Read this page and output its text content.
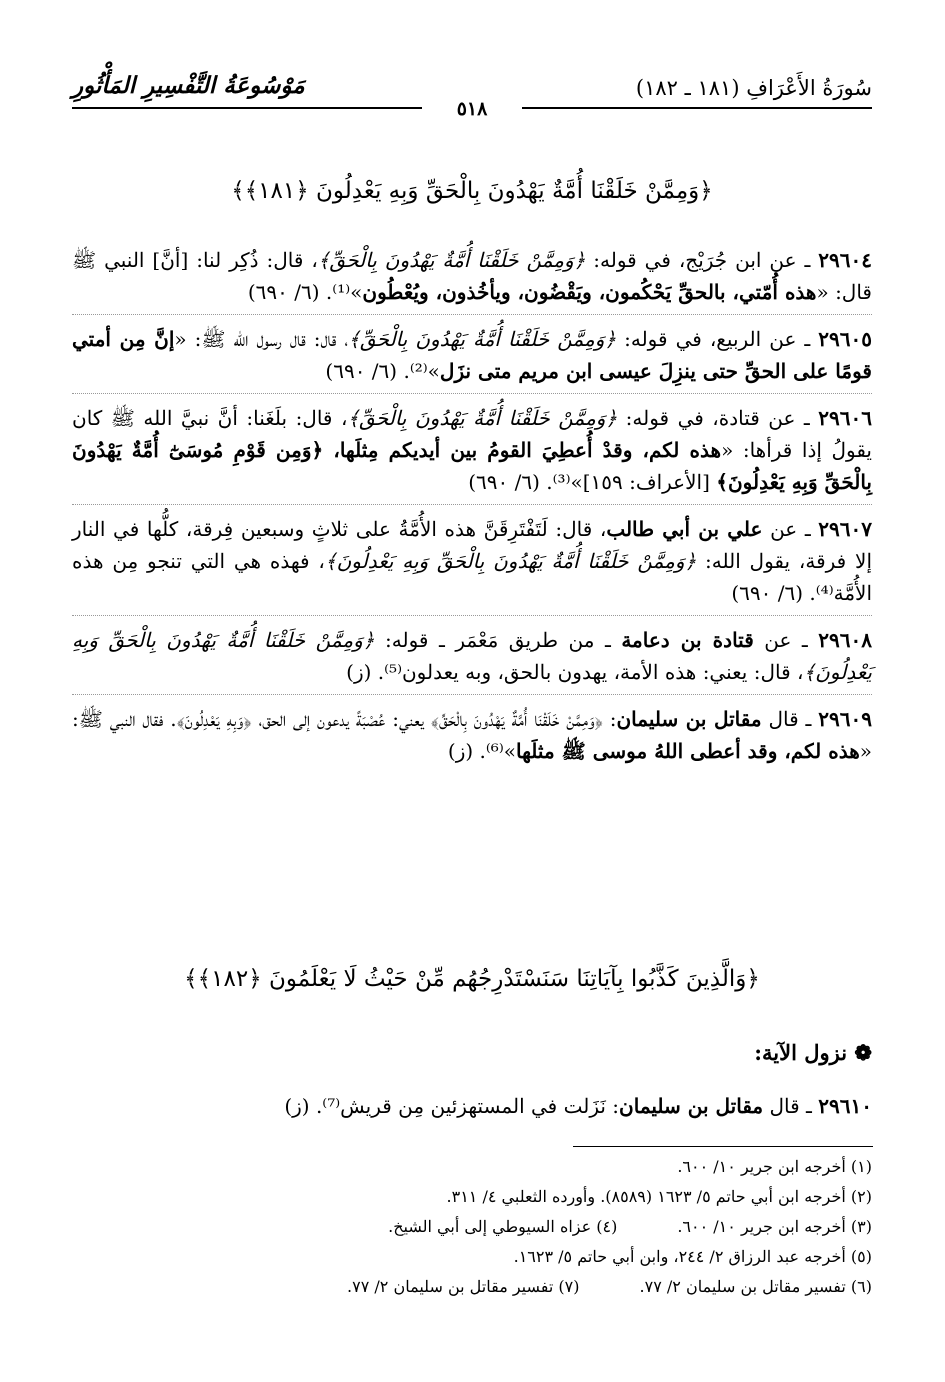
سُورَةُ الأَعْرَافِ (١٨١ ـ ١٨٢)
مَوْسُوعَةُ التَّفْسِيرِ المَأْثُورِ
٥١٨
﴿وَمِمَّنْ خَلَقْنَا أُمَّةٌ يَهْدُونَ بِالْحَقِّ وَبِهِ يَعْدِلُونَ ﴿١٨١﴾﴾

٢٩٦٠٤ ـ عن ابن جُرَيْج، في قوله: ﴿وَمِمَّنْ خَلَقْنَا أُمَّةٌ يَهْدُونَ بِالْحَقِّ﴾، قال: ذُكِر لنا: [أنَّ] النبي ﷺ قال: «هذه أُمّتي، بالحقِّ يَحْكُمون، ويَقْضُون، ويأخُذون، ويُعْطُون»⁽¹⁾. (٦/ ٦٩٠)

٢٩٦٠٥ ـ عن الربيع، في قوله: ﴿وَمِمَّنْ خَلَقْنَا أُمَّةٌ يَهْدُونَ بِالْحَقِّ﴾، قال: قال رسول الله ﷺ: «إنَّ مِن أمتي قومًا على الحقِّ حتى ينزِلَ عيسى ابن مريم متى نزَل»⁽²⁾. (٦/ ٦٩٠)

٢٩٦٠٦ ـ عن قتادة، في قوله: ﴿وَمِمَّنْ خَلَقْنَا أُمَّةٌ يَهْدُونَ بِالْحَقِّ﴾، قال: بلَغَنا: أنَّ نبيَّ الله ﷺ كان يقولُ إذا قرأها: «هذه لكم، وقدْ أُعطِيَ القومُ بين أيديكم مِثلَها، ﴿وَمِن قَوْمِ مُوسَىٰٓ أُمَّةٌ يَهْدُونَ بِالْحَقِّ وَبِهِ يَعْدِلُونَ﴾ [الأعراف: ١٥٩]»⁽³⁾. (٦/ ٦٩٠)

٢٩٦٠٧ ـ عن علي بن أبي طالب، قال: لَتَفْتَرِقَنَّ هذه الأُمَّةُ على ثلاثٍ وسبعين فِرقة، كلُّها في النار إلا فرقة، يقول الله: ﴿وَمِمَّنْ خَلَقْنَا أُمَّةٌ يَهْدُونَ بِالْحَقِّ وَبِهِ يَعْدِلُونَ﴾، فهذه هي التي تنجو مِن هذه الأُمَّة⁽⁴⁾. (٦/ ٦٩٠)

٢٩٦٠٨ ـ عن قتادة بن دعامة ـ من طريق مَعْمَر ـ قوله: ﴿وَمِمَّنْ خَلَقْنَا أُمَّةٌ يَهْدُونَ بِالْحَقِّ وَبِهِ يَعْدِلُونَ﴾، قال: يعني: هذه الأمة، يهدون بالحق، وبه يعدلون⁽⁵⁾. (ز)

٢٩٦٠٩ ـ قال مقاتل بن سليمان: ﴿وَمِمَّنْ خَلَقْنَا أُمَّةٌ يَهْدُونَ بِالْحَقِّ﴾ يعني: عُصْبَةً يدعون إلى الحق، ﴿وَبِهِ يَعْدِلُونَ﴾. فقال النبي ﷺ: «هذه لكم، وقد أعطى اللهُ موسى ﷺ مثلَها»⁽⁶⁾. (ز)

﴿وَالَّذِينَ كَذَّبُوا بِآيَاتِنَا سَنَسْتَدْرِجُهُم مِّنْ حَيْثُ لَا يَعْلَمُونَ ﴿١٨٢﴾﴾
❁ نزول الآية:
٢٩٦١٠ ـ قال مقاتل بن سليمان: نَزَلت في المستهزئين مِن قريش⁽⁷⁾. (ز)
(١) أخرجه ابن جرير ١٠/ ٦٠٠.
(٢) أخرجه ابن أبي حاتم ٥/ ١٦٢٣ (٨٥٨٩). وأورده الثعلبي ٤/ ٣١١.
(٣) أخرجه ابن جرير ١٠/ ٦٠٠.
(٤) عزاه السيوطي إلى أبي الشيخ.
(٥) أخرجه عبد الرزاق ٢/ ٢٤٤، وابن أبي حاتم ٥/ ١٦٢٣.
(٦) تفسير مقاتل بن سليمان ٢/ ٧٧.
(٧) تفسير مقاتل بن سليمان ٢/ ٧٧.
